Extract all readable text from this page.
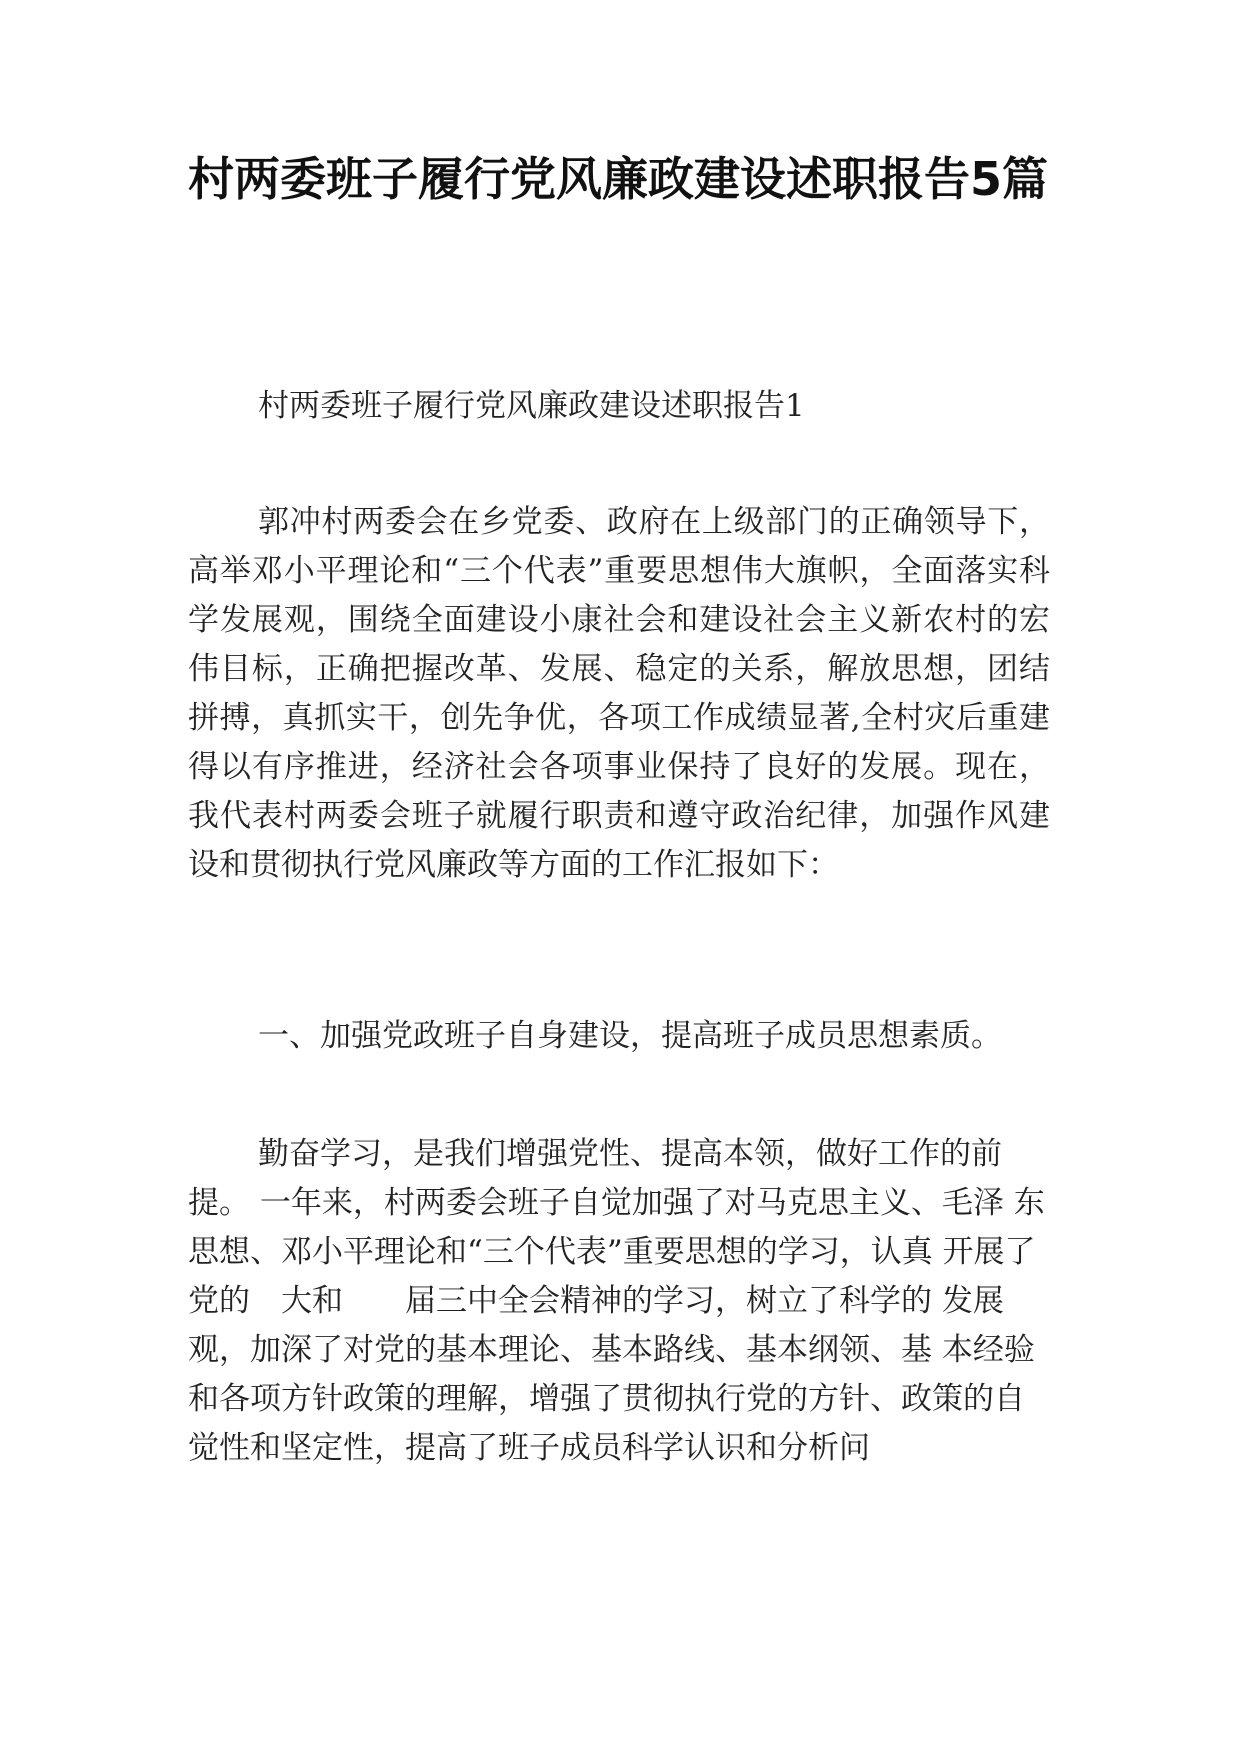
村两委班子履行党风廉政建设述职报告5篇

村两委班子履行党风廉政建设述职报告1

郭冲村两委会在乡党委、政府在上级部门的正确领导下，高举邓小平理论和“三个代表”重要思想伟大旗帜，全面落实科学发展观，围绕全面建设小康社会和建设社会主义新农村的宏伟目标，正确把握改革、发展、稳定的关系，解放思想，团结拼搏，真抓实干，创先争优，各项工作成绩显著,全村灾后重建得以有序推进，经济社会各项事业保持了良好的发展。现在，我代表村两委会班子就履行职责和遵守政治纪律，加强作风建设和贯彻执行党风廉政等方面的工作汇报如下：

一、加强党政班子自身建设，提高班子成员思想素质。

勤奋学习，是我们增强党性、提高本领，做好工作的前提。 一年来，村两委会班子自觉加强了对马克思主义、毛泽 东思想、邓小平理论和“三个代表”重要思想的学习，认真 开展了党的　大和　　届三中全会精神的学习，树立了科学的 发展观，加深了对党的基本理论、基本路线、基本纲领、基 本经验和各项方针政策的理解，增强了贯彻执行党的方针、政策的自觉性和坚定性，提高了班子成员科学认识和分析问
